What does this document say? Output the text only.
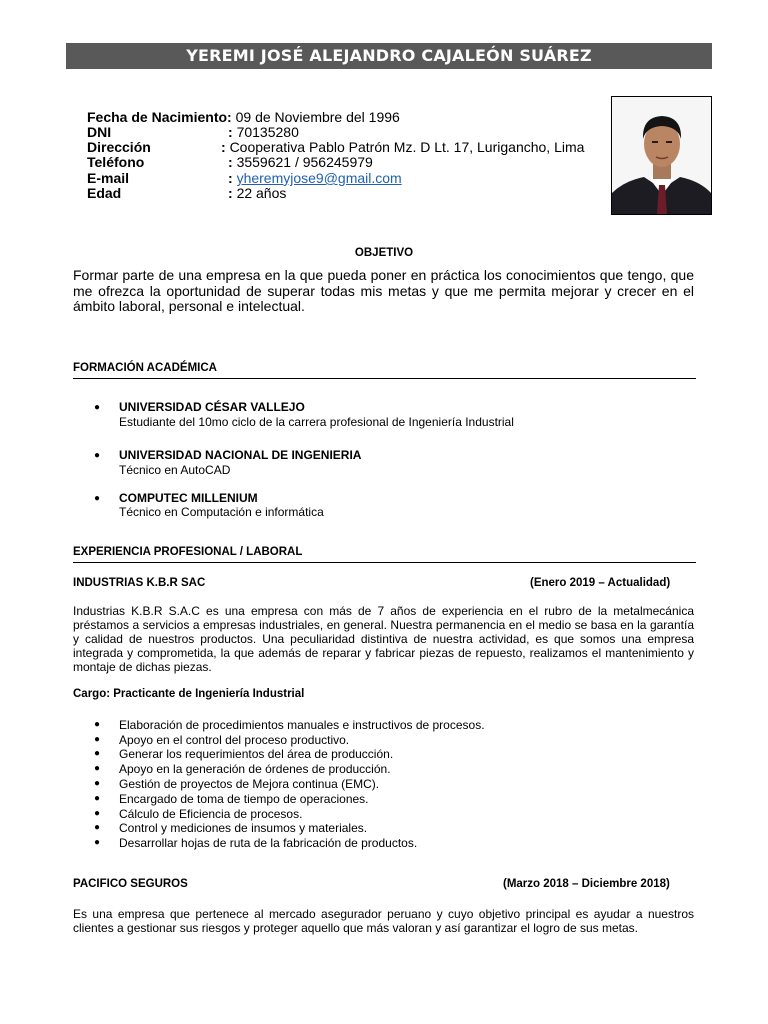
YEREMI JOSÉ ALEJANDRO CAJALEÓN SUÁREZ
Fecha de Nacimiento: 09 de Noviembre del 1996
DNI	: 70135280
Dirección	: Cooperativa Pablo Patrón Mz. D Lt. 17, Lurigancho, Lima
Teléfono	: 3559621 / 956245979
E-mail	: yheremyjose9@gmail.com
Edad	: 22 años
OBJETIVO
Formar parte de una empresa en la que pueda poner en práctica los conocimientos que tengo, que me ofrezca la oportunidad de superar todas mis metas y que me permita mejorar y crecer en el ámbito laboral, personal e intelectual.
FORMACIÓN ACADÉMICA
● UNIVERSIDAD CÉSAR VALLEJO
Estudiante del 10mo ciclo de la carrera profesional de Ingeniería Industrial
● UNIVERSIDAD NACIONAL DE INGENIERIA
Técnico en AutoCAD
● COMPUTEC MILLENIUM
Técnico en Computación e informática
EXPERIENCIA PROFESIONAL / LABORAL
INDUSTRIAS K.B.R SAC	(Enero 2019 – Actualidad)
Industrias K.B.R S.A.C es una empresa con más de 7 años de experiencia en el rubro de la metalmecánica préstamos a servicios a empresas industriales, en general. Nuestra permanencia en el medio se basa en la garantía y calidad de nuestros productos. Una peculiaridad distintiva de nuestra actividad, es que somos una empresa integrada y comprometida, la que además de reparar y fabricar piezas de repuesto, realizamos el mantenimiento y montaje de dichas piezas.
Cargo: Practicante de Ingeniería Industrial
● Elaboración de procedimientos manuales e instructivos de procesos.
● Apoyo en el control del proceso productivo.
● Generar los requerimientos del área de producción.
● Apoyo en la generación de órdenes de producción.
● Gestión de proyectos de Mejora continua (EMC).
● Encargado de toma de tiempo de operaciones.
● Cálculo de Eficiencia de procesos.
● Control y mediciones de insumos y materiales.
● Desarrollar hojas de ruta de la fabricación de productos.
PACIFICO SEGUROS	(Marzo 2018 – Diciembre 2018)
Es una empresa que pertenece al mercado asegurador peruano y cuyo objetivo principal es ayudar a nuestros clientes a gestionar sus riesgos y proteger aquello que más valoran y así garantizar el logro de sus metas.
